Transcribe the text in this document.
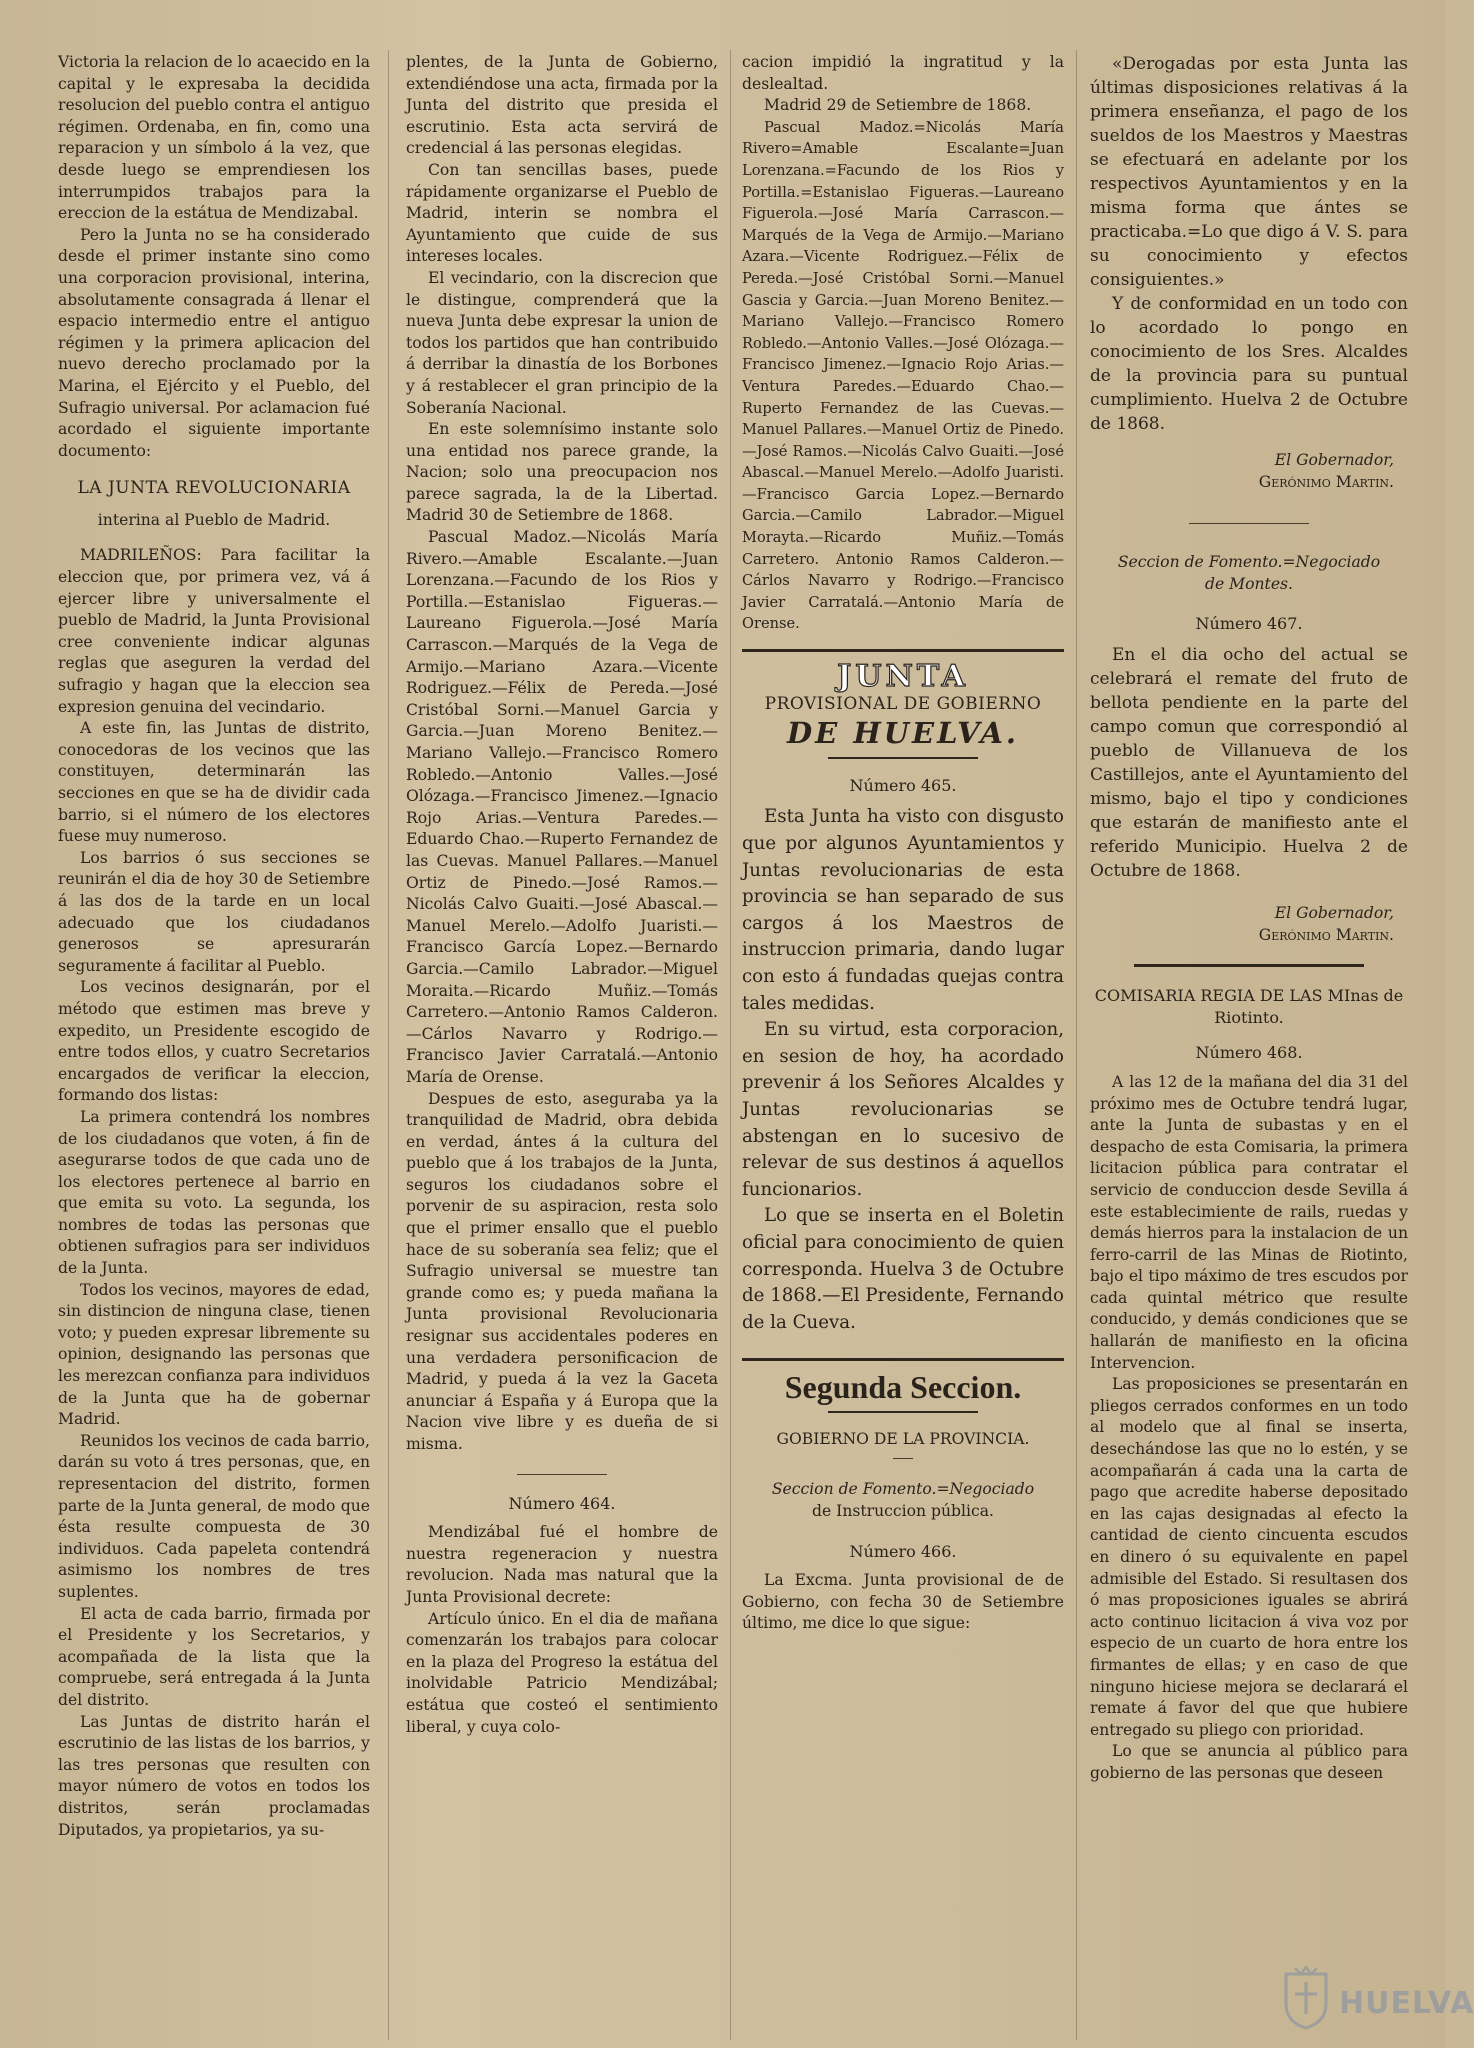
Victoria la relacion de lo acaecido en la capital y le expresaba la decidida resolucion del pueblo contra el antiguo régimen. Ordenaba, en fin, como una reparacion y un símbolo á la vez, que desde luego se emprendiesen los interrumpidos trabajos para la ereccion de la estátua de Mendizabal.

Pero la Junta no se ha considerado desde el primer instante sino como una corporacion provisional, interina, absolutamente consagrada á llenar el espacio intermedio entre el antiguo régimen y la primera aplicacion del nuevo derecho proclamado por la Marina, el Ejército y el Pueblo, del Sufragio universal. Por aclamacion fué acordado el siguiente importante documento:

LA JUNTA REVOLUCIONARIA
interina al Pueblo de Madrid.

MADRILEÑOS: Para facilitar la eleccion que, por primera vez, vá á ejercer libre y universalmente el pueblo de Madrid, la Junta Provisional cree conveniente indicar algunas reglas que aseguren la verdad del sufragio y hagan que la eleccion sea expresion genuina del vecindario.

A este fin, las Juntas de distrito, conocedoras de los vecinos que las constituyen, determinarán las secciones en que se ha de dividir cada barrio, si el número de los electores fuese muy numeroso.

Los barrios ó sus secciones se reunirán el dia de hoy 30 de Setiembre á las dos de la tarde en un local adecuado que los ciudadanos generosos se apresurarán seguramente á facilitar al Pueblo.

Los vecinos designarán, por el método que estimen mas breve y expedito, un Presidente escogido de entre todos ellos, y cuatro Secretarios encargados de verificar la eleccion, formando dos listas:

La primera contendrá los nombres de los ciudadanos que voten, á fin de asegurarse todos de que cada uno de los electores pertenece al barrio en que emita su voto. La segunda, los nombres de todas las personas que obtienen sufragios para ser individuos de la Junta.

Todos los vecinos, mayores de edad, sin distincion de ninguna clase, tienen voto; y pueden expresar libremente su opinion, designando las personas que les merezcan confianza para individuos de la Junta que ha de gobernar Madrid.

Reunidos los vecinos de cada barrio, darán su voto á tres personas, que, en representacion del distrito, formen parte de la Junta general, de modo que ésta resulte compuesta de 30 individuos. Cada papeleta contendrá asimismo los nombres de tres suplentes.

El acta de cada barrio, firmada por el Presidente y los Secretarios, y acompañada de la lista que la compruebe, será entregada á la Junta del distrito.

Las Juntas de distrito harán el escrutinio de las listas de los barrios, y las tres personas que resulten con mayor número de votos en todos los distritos, serán proclamadas Diputados, ya propietarios, ya su-

plentes, de la Junta de Gobierno, extendiéndose una acta, firmada por la Junta del distrito que presida el escrutinio. Esta acta servirá de credencial á las personas elegidas.

Con tan sencillas bases, puede rápidamente organizarse el Pueblo de Madrid, interin se nombra el Ayuntamiento que cuide de sus intereses locales.

El vecindario, con la discrecion que le distingue, comprenderá que la nueva Junta debe expresar la union de todos los partidos que han contribuido á derribar la dinastía de los Borbones y á restablecer el gran principio de la Soberanía Nacional.

En este solemnísimo instante solo una entidad nos parece grande, la Nacion; solo una preocupacion nos parece sagrada, la de la Libertad. Madrid 30 de Setiembre de 1868.

Pascual Madoz.—Nicolás María Rivero.—Amable Escalante.—Juan Lorenzana.—Facundo de los Rios y Portilla.—Estanislao Figueras.—Laureano Figuerola.—José María Carrascon.—Marqués de la Vega de Armijo.—Mariano Azara.—Vicente Rodriguez.—Félix de Pereda.—José Cristóbal Sorni.—Manuel Garcia y Garcia.—Juan Moreno Benitez.—Mariano Vallejo.—Francisco Romero Robledo.—Antonio Valles.—José Olózaga.—Francisco Jimenez.—Ignacio Rojo Arias.—Ventura Paredes.—Eduardo Chao.—Ruperto Fernandez de las Cuevas. Manuel Pallares.—Manuel Ortiz de Pinedo.—José Ramos.—Nicolás Calvo Guaiti.—José Abascal.—Manuel Merelo.—Adolfo Juaristi.—Francisco García Lopez.—Bernardo Garcia.—Camilo Labrador.—Miguel Moraita.—Ricardo Muñiz.—Tomás Carretero.—Antonio Ramos Calderon.—Cárlos Navarro y Rodrigo.—Francisco Javier Carratalá.—Antonio María de Orense.

Despues de esto, aseguraba ya la tranquilidad de Madrid, obra debida en verdad, ántes á la cultura del pueblo que á los trabajos de la Junta, seguros los ciudadanos sobre el porvenir de su aspiracion, resta solo que el primer ensallo que el pueblo hace de su soberanía sea feliz; que el Sufragio universal se muestre tan grande como es; y pueda mañana la Junta provisional Revolucionaria resignar sus accidentales poderes en una verdadera personificacion de Madrid, y pueda á la vez la Gaceta anunciar á España y á Europa que la Nacion vive libre y es dueña de si misma.

Número 464.

Mendizábal fué el hombre de nuestra regeneracion y nuestra revolucion. Nada mas natural que la Junta Provisional decrete:

Artículo único. En el dia de mañana comenzarán los trabajos para colocar en la plaza del Progreso la estátua del inolvidable Patricio Mendizábal; estátua que costeó el sentimiento liberal, y cuya colo-

cacion impidió la ingratitud y la deslealtad.

Madrid 29 de Setiembre de 1868.

Pascual Madoz.=Nicolás María Rivero=Amable Escalante=Juan Lorenzana.=Facundo de los Rios y Portilla.=Estanislao Figueras.—Laureano Figuerola.—José María Carrascon.—Marqués de la Vega de Armijo.—Mariano Azara.—Vicente Rodriguez.—Félix de Pereda.—José Cristóbal Sorni.—Manuel Gascia y Garcia.—Juan Moreno Benitez.—Mariano Vallejo.—Francisco Romero Robledo.—Antonio Valles.—José Olózaga.—Francisco Jimenez.—Ignacio Rojo Arias.—Ventura Paredes.—Eduardo Chao.—Ruperto Fernandez de las Cuevas.—Manuel Pallares.—Manuel Ortiz de Pinedo.—José Ramos.—Nicolás Calvo Guaiti.—José Abascal.—Manuel Merelo.—Adolfo Juaristi.—Francisco Garcia Lopez.—Bernardo Garcia.—Camilo Labrador.—Miguel Morayta.—Ricardo Muñiz.—Tomás Carretero. Antonio Ramos Calderon.—Cárlos Navarro y Rodrigo.—Francisco Javier Carratalá.—Antonio María de Orense.

JUNTA
PROVISIONAL DE GOBIERNO
DE HUELVA.
Número 465.

Esta Junta ha visto con disgusto que por algunos Ayuntamientos y Juntas revolucionarias de esta provincia se han separado de sus cargos á los Maestros de instruccion primaria, dando lugar con esto á fundadas quejas contra tales medidas.

En su virtud, esta corporacion, en sesion de hoy, ha acordado prevenir á los Señores Alcaldes y Juntas revolucionarias se abstengan en lo sucesivo de relevar de sus destinos á aquellos funcionarios.

Lo que se inserta en el Boletin oficial para conocimiento de quien corresponda. Huelva 3 de Octubre de 1868.—El Presidente, Fernando de la Cueva.

Segunda Seccion.
GOBIERNO DE LA PROVINCIA.
Seccion de Fomento.=Negociado
de Instruccion pública.
Número 466.

La Excma. Junta provisional de de Gobierno, con fecha 30 de Setiembre último, me dice lo que sigue:

«Derogadas por esta Junta las últimas disposiciones relativas á la primera enseñanza, el pago de los sueldos de los Maestros y Maestras se efectuará en adelante por los respectivos Ayuntamientos y en la misma forma que ántes se practicaba.=Lo que digo á V. S. para su conocimiento y efectos consiguientes.»

Y de conformidad en un todo con lo acordado lo pongo en conocimiento de los Sres. Alcaldes de la provincia para su puntual cumplimiento. Huelva 2 de Octubre de 1868.

El Gobernador,
Gerónimo Martin.
Seccion de Fomento.=Negociado
de Montes.
Número 467.

En el dia ocho del actual se celebrará el remate del fruto de bellota pendiente en la parte del campo comun que correspondió al pueblo de Villanueva de los Castillejos, ante el Ayuntamiento del mismo, bajo el tipo y condiciones que estarán de manifiesto ante el referido Municipio. Huelva 2 de Octubre de 1868.

El Gobernador,
Gerónimo Martin.
COMISARIA REGIA DE LAS MInas de Riotinto.
Número 468.

A las 12 de la mañana del dia 31 del próximo mes de Octubre tendrá lugar, ante la Junta de subastas y en el despacho de esta Comisaria, la primera licitacion pública para contratar el servicio de conduccion desde Sevilla á este establecimiente de rails, ruedas y demás hierros para la instalacion de un ferro-carril de las Minas de Riotinto, bajo el tipo máximo de tres escudos por cada quintal métrico que resulte conducido, y demás condiciones que se hallarán de manifiesto en la oficina Intervencion.

Las proposiciones se presentarán en pliegos cerrados conformes en un todo al modelo que al final se inserta, desechándose las que no lo estén, y se acompañarán á cada una la carta de pago que acredite haberse depositado en las cajas designadas al efecto la cantidad de ciento cincuenta escudos en dinero ó su equivalente en papel admisible del Estado. Si resultasen dos ó mas proposiciones iguales se abrirá acto continuo licitacion á viva voz por especio de un cuarto de hora entre los firmantes de ellas; y en caso de que ninguno hiciese mejora se declarará el remate á favor del que que hubiere entregado su pliego con prioridad.

Lo que se anuncia al público para gobierno de las personas que deseen

HUELVA
